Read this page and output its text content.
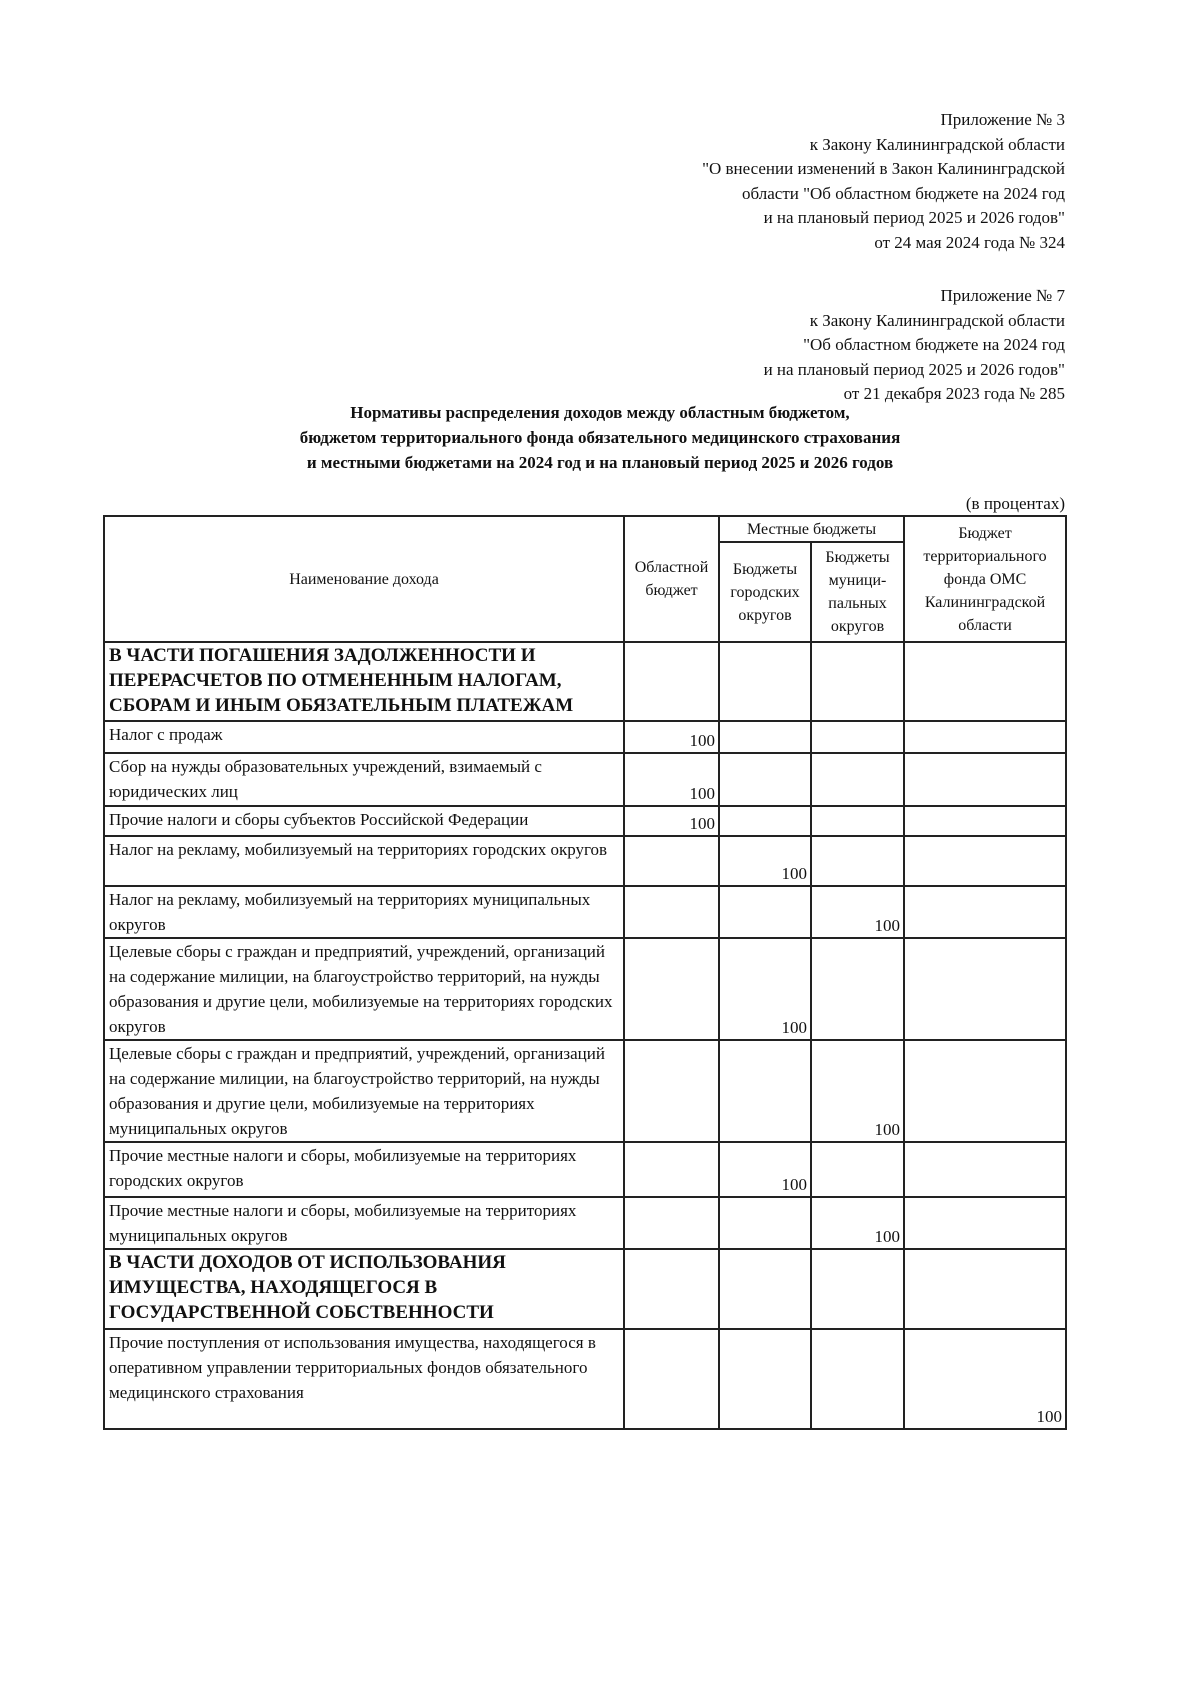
Приложение № 3
к Закону Калининградской области
"О внесении изменений в Закон Калининградской
области "Об областном бюджете на 2024 год
и на плановый период 2025 и 2026 годов"
от 24 мая 2024 года № 324
Приложение № 7
к Закону Калининградской области
"Об областном бюджете на 2024 год
и на плановый период 2025 и 2026 годов"
от 21 декабря 2023 года № 285
Нормативы распределения доходов между областным бюджетом,
бюджетом территориального фонда обязательного медицинского страхования
и местными бюджетами на 2024 год и на плановый период 2025 и 2026 годов
(в процентах)
Наименование дохода	Областной бюджет	Местные бюджеты		Бюджет территориального фонда ОМС Калининградской области
		Бюджеты городских округов	Бюджеты муници-пальных округов	
В ЧАСТИ ПОГАШЕНИЯ ЗАДОЛЖЕННОСТИ И ПЕРЕРАСЧЕТОВ ПО ОТМЕНЕННЫМ НАЛОГАМ, СБОРАМ И ИНЫМ ОБЯЗАТЕЛЬНЫМ ПЛАТЕЖАМ				
Налог с продаж	100			
Сбор на нужды образовательных учреждений, взимаемый с юридических лиц	100			
Прочие налоги и сборы субъектов Российской Федерации	100			
Налог на рекламу, мобилизуемый на территориях городских округов		100		
Налог на рекламу, мобилизуемый на территориях муниципальных округов			100	
Целевые сборы с граждан и предприятий, учреждений, организаций на содержание милиции, на благоустройство территорий, на нужды образования и другие цели, мобилизуемые на территориях городских округов		100		
Целевые сборы с граждан и предприятий, учреждений, организаций на содержание милиции, на благоустройство территорий, на нужды образования и другие цели, мобилизуемые на территориях муниципальных округов			100	
Прочие местные налоги и сборы, мобилизуемые на территориях городских округов		100		
Прочие местные налоги и сборы, мобилизуемые на территориях муниципальных округов			100	
В ЧАСТИ ДОХОДОВ ОТ ИСПОЛЬЗОВАНИЯ ИМУЩЕСТВА, НАХОДЯЩЕГОСЯ В ГОСУДАРСТВЕННОЙ СОБСТВЕННОСТИ				
Прочие поступления от использования имущества, находящегося в оперативном управлении территориальных фондов обязательного медицинского страхования				100
